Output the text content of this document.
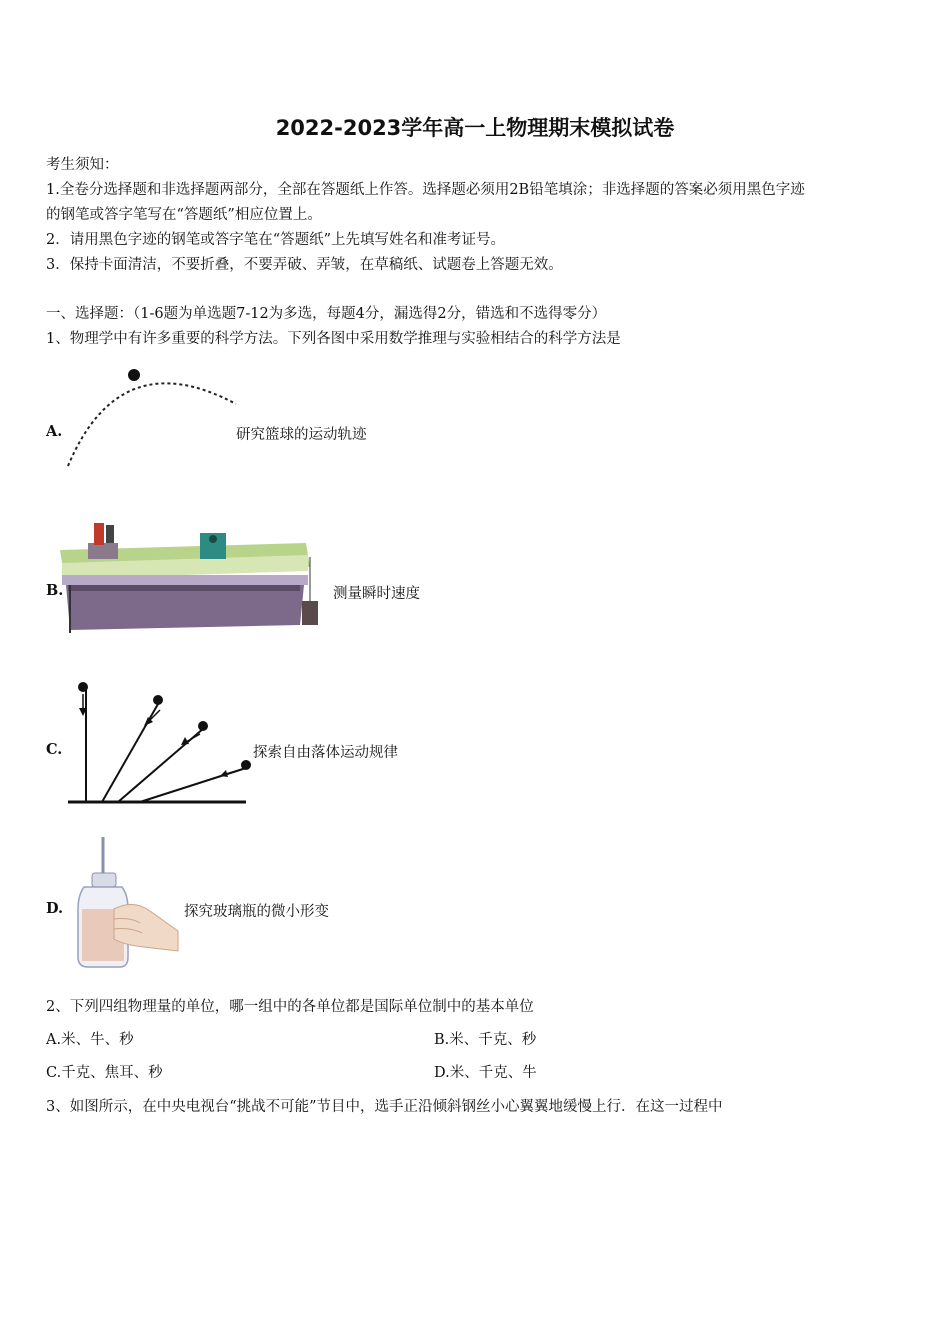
2022-2023学年高一上物理期末模拟试卷
考生须知：
1.全卷分选择题和非选择题两部分，全部在答题纸上作答。选择题必须用2B铅笔填涂；非选择题的答案必须用黑色字迹
的钢笔或答字笔写在“答题纸”相应位置上。
2．请用黑色字迹的钢笔或答字笔在“答题纸”上先填写姓名和准考证号。
3．保持卡面清洁，不要折叠，不要弄破、弄皱，在草稿纸、试题卷上答题无效。
一、选择题：（1-6题为单选题7-12为多选，每题4分，漏选得2分，错选和不选得零分）
1、物理学中有许多重要的科学方法。下列各图中采用数学推理与实验相结合的科学方法是
A.	研究篮球的运动轨迹
B.	测量瞬时速度
C.	探索自由落体运动规律
D.	探究玻璃瓶的微小形变
2、下列四组物理量的单位，哪一组中的各单位都是国际单位制中的基本单位
A.米、牛、秒	B.米、千克、秒
C.千克、焦耳、秒	D.米、千克、牛
3、如图所示，在中央电视台“挑战不可能”节目中，选手正沿倾斜钢丝小心翼翼地缓慢上行．在这一过程中
